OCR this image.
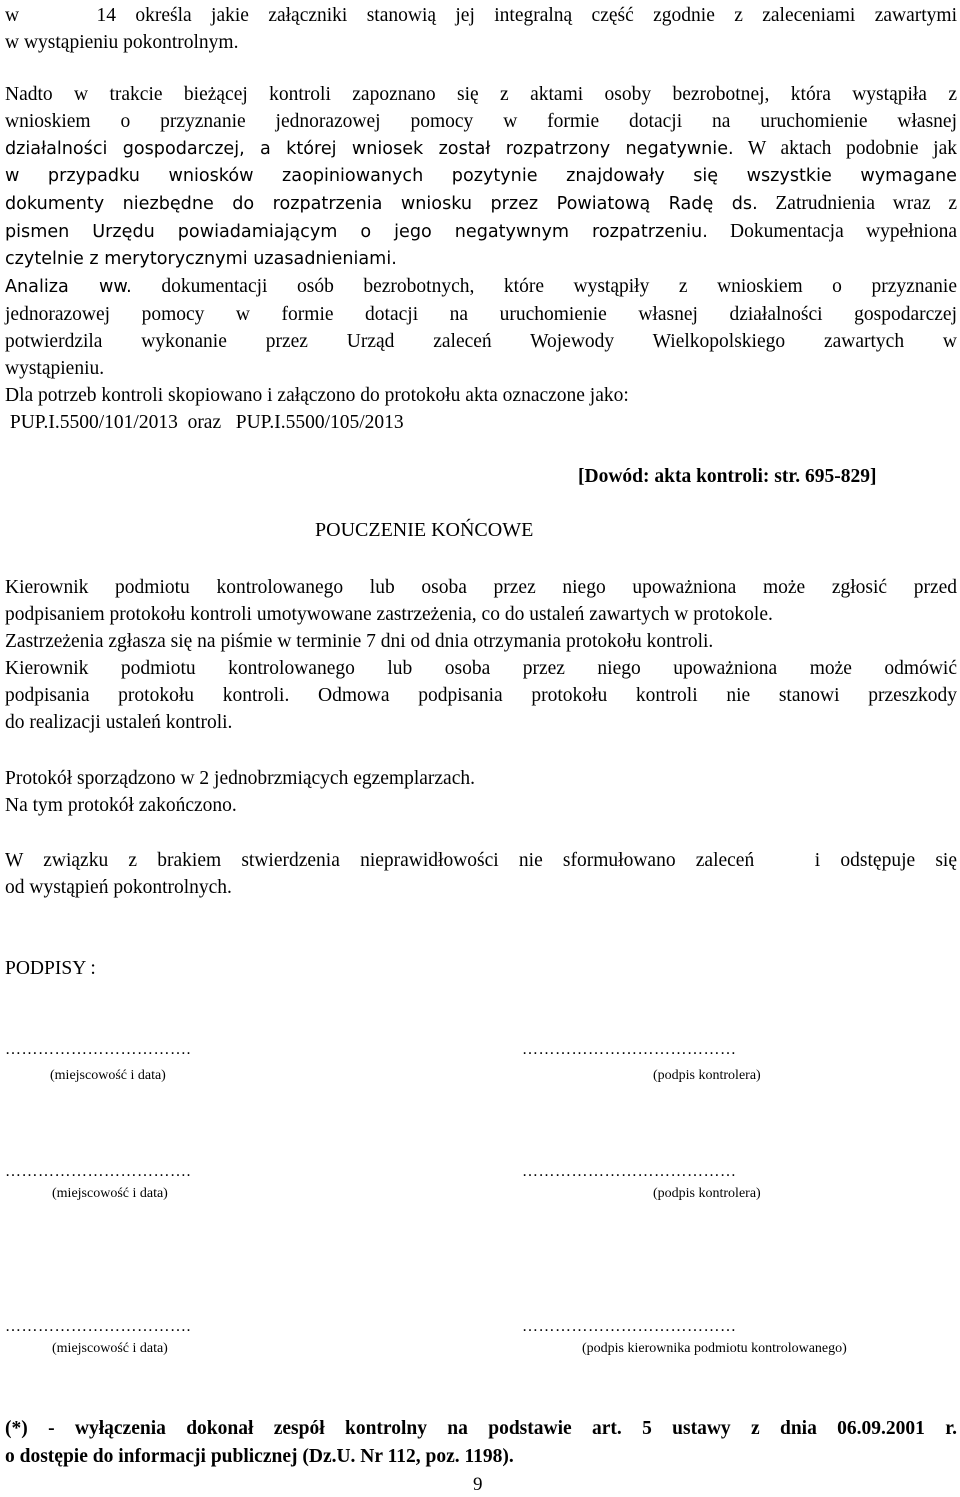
w    14 określa jakie załączniki stanowią jej integralną część zgodnie z zaleceniami zawartymi
w wystąpieniu pokontrolnym.
Nadto w trakcie bieżącej kontroli zapoznano się z aktami osoby bezrobotnej, która wystąpiła z
wnioskiem o przyznanie jednorazowej pomocy w formie dotacji na uruchomienie własnej
działalności gospodarczej, a której wniosek został rozpatrzony negatywnie. W aktach podobnie jak
w przypadku wniosków zaopiniowanych pozytynie znajdowały się wszystkie wymagane
dokumenty niezbędne do rozpatrzenia wniosku przez Powiatową Radę ds. Zatrudnienia wraz z
pismen Urzędu powiadamiającym o jego negatywnym rozpatrzeniu. Dokumentacja wypełniona
czytelnie z merytorycznymi uzasadnieniami.
Analiza ww. dokumentacji osób bezrobotnych, które wystąpiły z wnioskiem o przyznanie
jednorazowej pomocy w formie dotacji na uruchomienie własnej działalności gospodarczej
potwierdzila wykonanie przez Urząd zaleceń Wojewody Wielkopolskiego zawartych w
wystąpieniu.
Dla potrzeb kontroli skopiowano i załączono do protokołu akta oznaczone jako:
PUP.I.5500/101/2013  oraz   PUP.I.5500/105/2013
[Dowód: akta kontroli: str. 695-829]
POUCZENIE KOŃCOWE
Kierownik podmiotu kontrolowanego lub osoba przez niego upoważniona może zgłosić przed
podpisaniem protokołu kontroli umotywowane zastrzeżenia, co do ustaleń zawartych w protokole.
Zastrzeżenia zgłasza się na piśmie w terminie 7 dni od dnia otrzymania protokołu kontroli.
Kierownik podmiotu kontrolowanego lub osoba przez niego upoważniona może odmówić
podpisania protokołu kontroli. Odmowa podpisania protokołu kontroli nie stanowi przeszkody
do realizacji ustaleń kontroli.
Protokół sporządzono w 2 jednobrzmiących egzemplarzach.
Na tym protokół zakończono.
W związku z brakiem stwierdzenia nieprawidłowości nie sformułowano zaleceń   i odstępuje się
od wystąpień pokontrolnych.
PODPISY :
…………………………….
(miejscowość i data)
…………………………………
(podpis kontrolera)
…………………………….
(miejscowość i data)
…………………………………
(podpis kontrolera)
…………………………….
(miejscowość i data)
…………………………………
(podpis kierownika podmiotu kontrolowanego)
(*) - wyłączenia dokonał zespół kontrolny na podstawie art. 5 ustawy z dnia 06.09.2001 r.
o dostępie do informacji publicznej (Dz.U. Nr 112, poz. 1198).
9
